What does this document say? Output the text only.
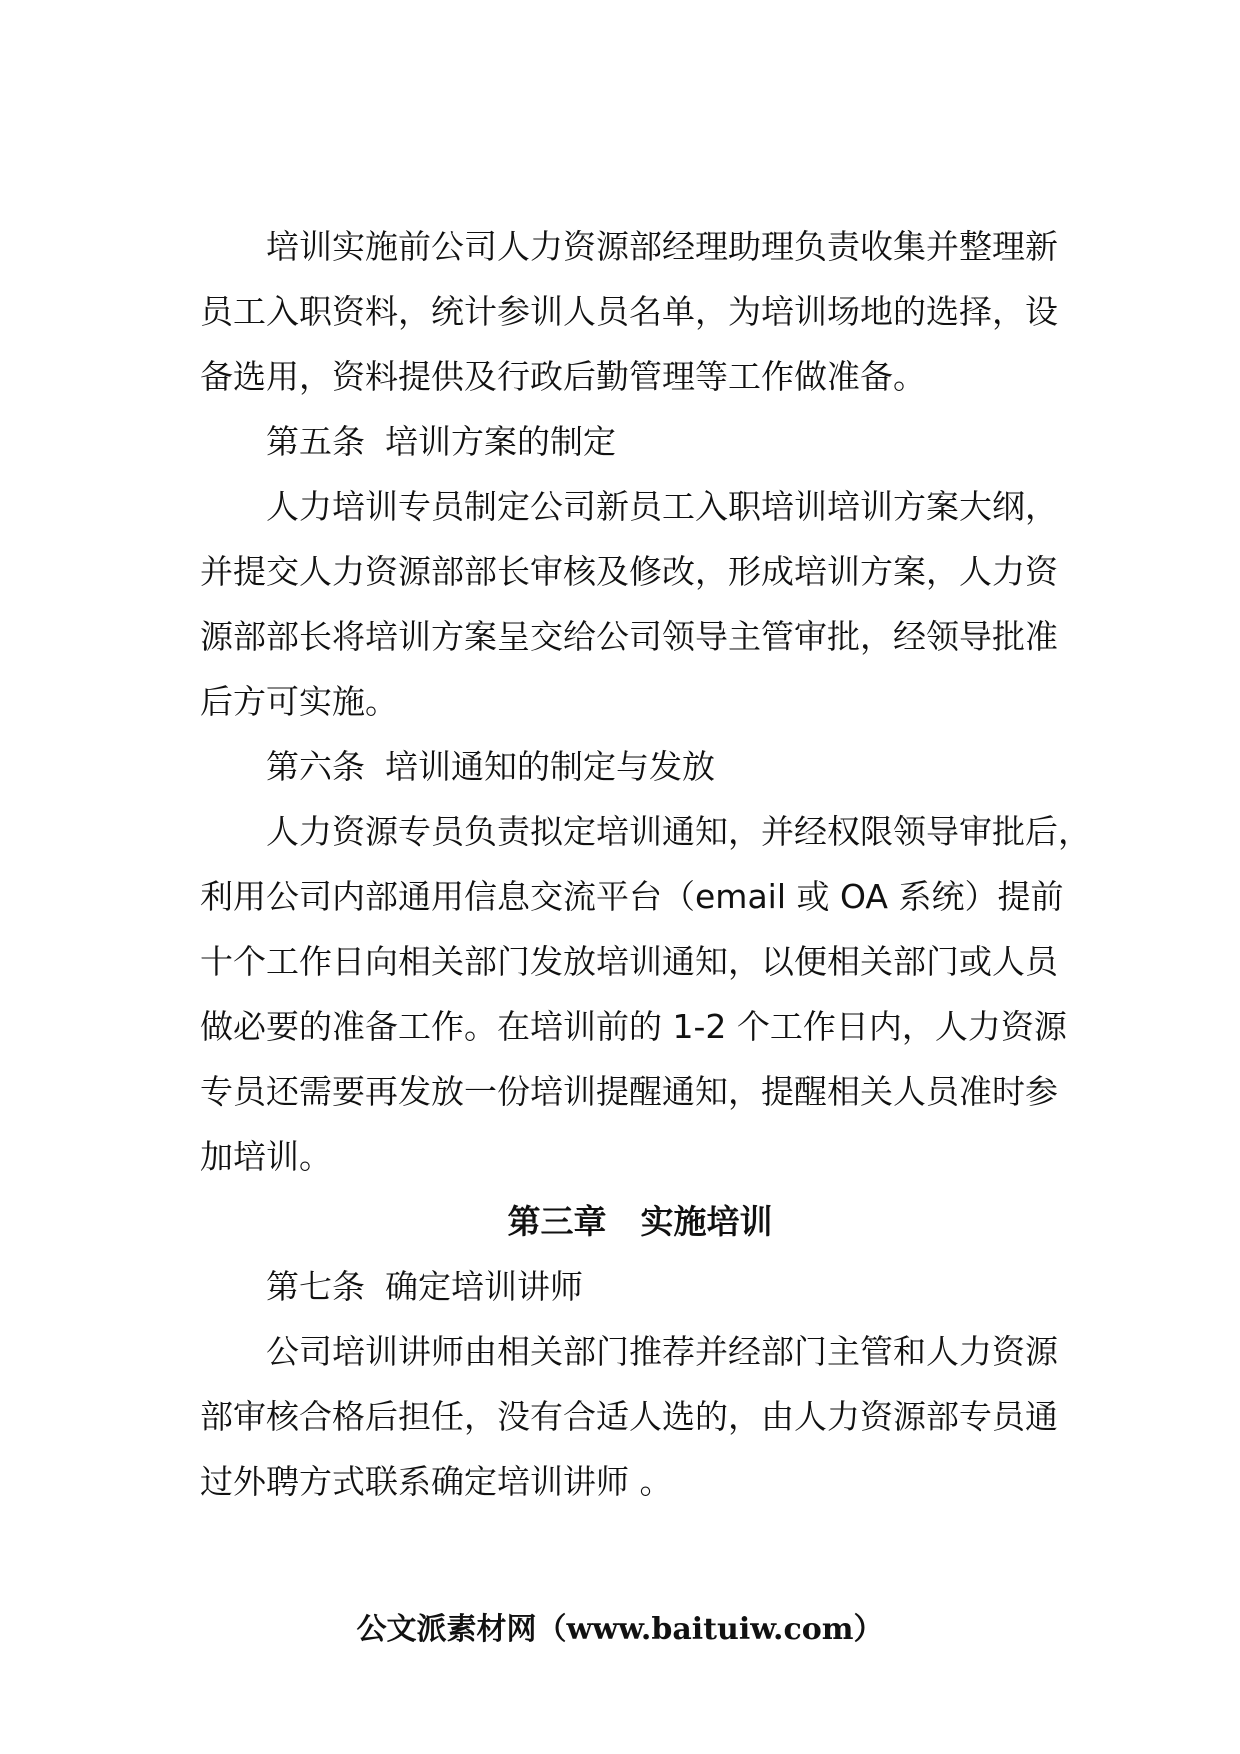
培训实施前公司人力资源部经理助理负责收集并整理新
员工入职资料，统计参训人员名单，为培训场地的选择，设
备选用，资料提供及行政后勤管理等工作做准备。
第五条 培训方案的制定
人力培训专员制定公司新员工入职培训培训方案大纲，
并提交人力资源部部长审核及修改，形成培训方案，人力资
源部部长将培训方案呈交给公司领导主管审批，经领导批准
后方可实施。
第六条 培训通知的制定与发放
人力资源专员负责拟定培训通知，并经权限领导审批后，
利用公司内部通用信息交流平台（email 或 OA 系统）提前
十个工作日向相关部门发放培训通知，以便相关部门或人员
做必要的准备工作。在培训前的 1-2 个工作日内，人力资源
专员还需要再发放一份培训提醒通知，提醒相关人员准时参
加培训。
第三章 实施培训
第七条 确定培训讲师
公司培训讲师由相关部门推荐并经部门主管和人力资源
部审核合格后担任，没有合适人选的，由人力资源部专员通
过外聘方式联系确定培训讲师 。
公文派素材网（www.baituiw.com）
